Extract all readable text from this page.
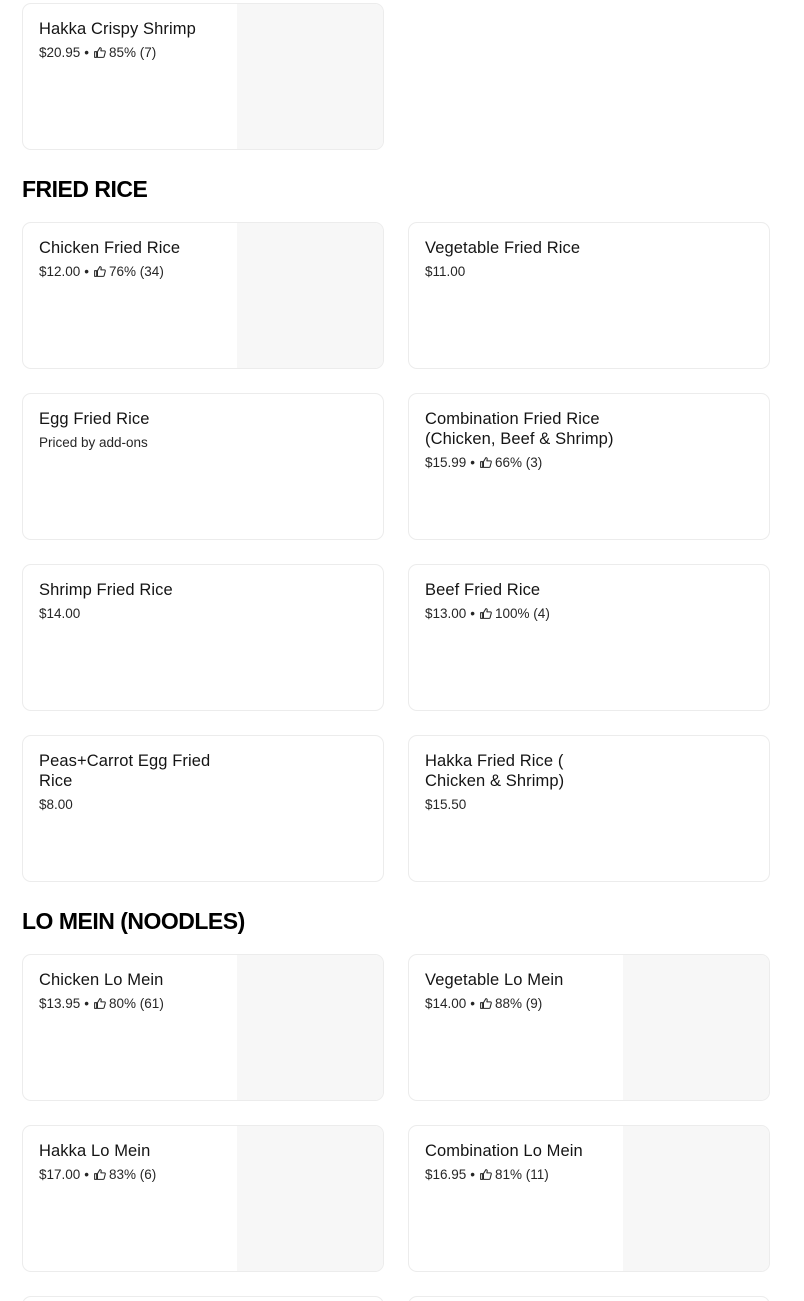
Hakka Crispy Shrimp
$20.95 • 85% (7)
FRIED RICE
Chicken Fried Rice
$12.00 • 76% (34)
Vegetable Fried Rice
$11.00
Egg Fried Rice
Priced by add-ons
Combination Fried Rice (Chicken, Beef & Shrimp)
$15.99 • 66% (3)
Shrimp Fried Rice
$14.00
Beef Fried Rice
$13.00 • 100% (4)
Peas+Carrot Egg Fried Rice
$8.00
Hakka Fried Rice ( Chicken & Shrimp)
$15.50
LO MEIN (NOODLES)
Chicken Lo Mein
$13.95 • 80% (61)
Vegetable Lo Mein
$14.00 • 88% (9)
Hakka Lo Mein
$17.00 • 83% (6)
Combination Lo Mein
$16.95 • 81% (11)
